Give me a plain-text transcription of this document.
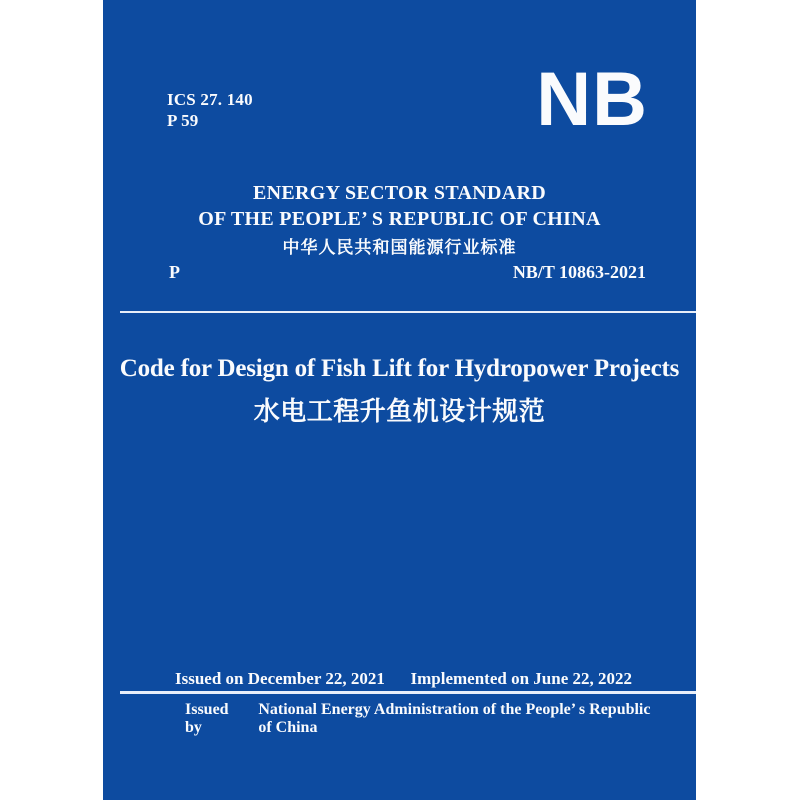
ICS 27. 140
P 59	NB
ENERGY SECTOR STANDARD
OF THE PEOPLE’ S REPUBLIC OF CHINA
中华人民共和国能源行业标准
P	NB/T 10863-2021
Code for Design of Fish Lift for Hydropower Projects
水电工程升鱼机设计规范
Issued on December 22, 2021 Implemented on June 22, 2022
Issued by
National Energy Administration of the People’ s Republic of China
